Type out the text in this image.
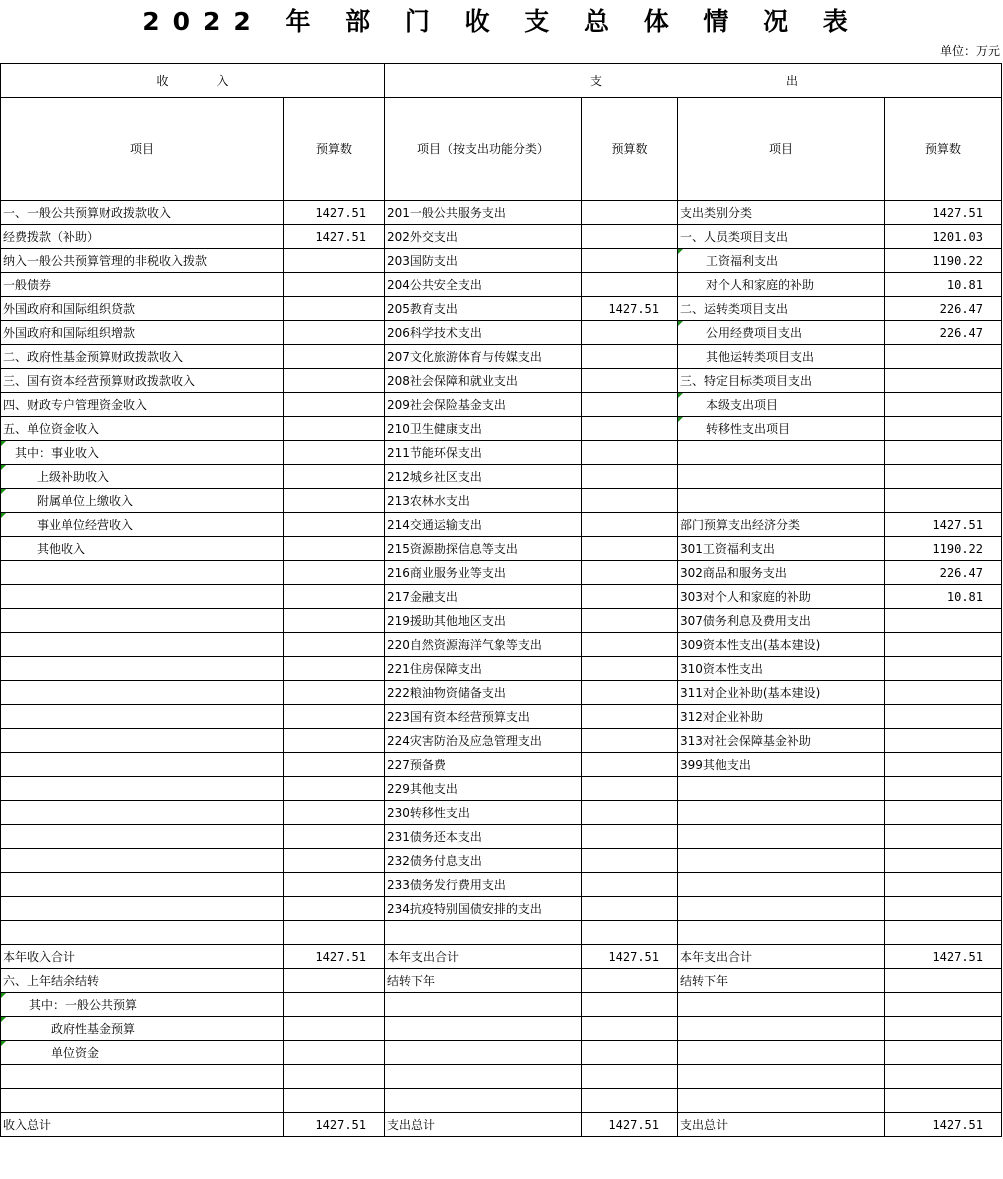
2022 年 部 门 收 支 总 体 情 况 表
单位：万元
收　　　　入		支 出			

项目	预算数	项目（按支出功能分类）	预算数	项目	预算数
一、一般公共预算财政拨款收入	1427.51	201一般公共服务支出		支出类别分类	1427.51
经费拨款（补助）	1427.51	202外交支出		一、人员类项目支出	1201.03
纳入一般公共预算管理的非税收入拨款		203国防支出		工资福利支出	1190.22
一般债券		204公共安全支出		对个人和家庭的补助	10.81
外国政府和国际组织贷款		205教育支出	1427.51	二、运转类项目支出	226.47
外国政府和国际组织增款		206科学技术支出		公用经费项目支出	226.47
二、政府性基金预算财政拨款收入		207文化旅游体育与传媒支出		其他运转类项目支出	
三、国有资本经营预算财政拨款收入		208社会保障和就业支出		三、特定目标类项目支出	
四、财政专户管理资金收入		209社会保险基金支出		本级支出项目	
五、单位资金收入		210卫生健康支出		转移性支出项目	
其中：事业收入		211节能环保支出			
上级补助收入		212城乡社区支出			
附属单位上缴收入		213农林水支出			
事业单位经营收入		214交通运输支出		部门预算支出经济分类	1427.51
其他收入		215资源勘探信息等支出		301工资福利支出	1190.22
		216商业服务业等支出		302商品和服务支出	226.47
		217金融支出		303对个人和家庭的补助	10.81
		219援助其他地区支出		307债务利息及费用支出	
		220自然资源海洋气象等支出		309资本性支出(基本建设)	
		221住房保障支出		310资本性支出	
		222粮油物资储备支出		311对企业补助(基本建设)	
		223国有资本经营预算支出		312对企业补助	
		224灾害防治及应急管理支出		313对社会保障基金补助	
		227预备费		399其他支出	
		229其他支出			
		230转移性支出			
		231债务还本支出			
		232债务付息支出			
		233债务发行费用支出			
		234抗疫特别国债安排的支出			

本年收入合计	1427.51	本年支出合计	1427.51	本年支出合计	1427.51
六、上年结余结转		结转下年		结转下年	
其中：一般公共预算					
政府性基金预算					
单位资金					

收入总计	1427.51	支出总计	1427.51	支出总计	1427.51
